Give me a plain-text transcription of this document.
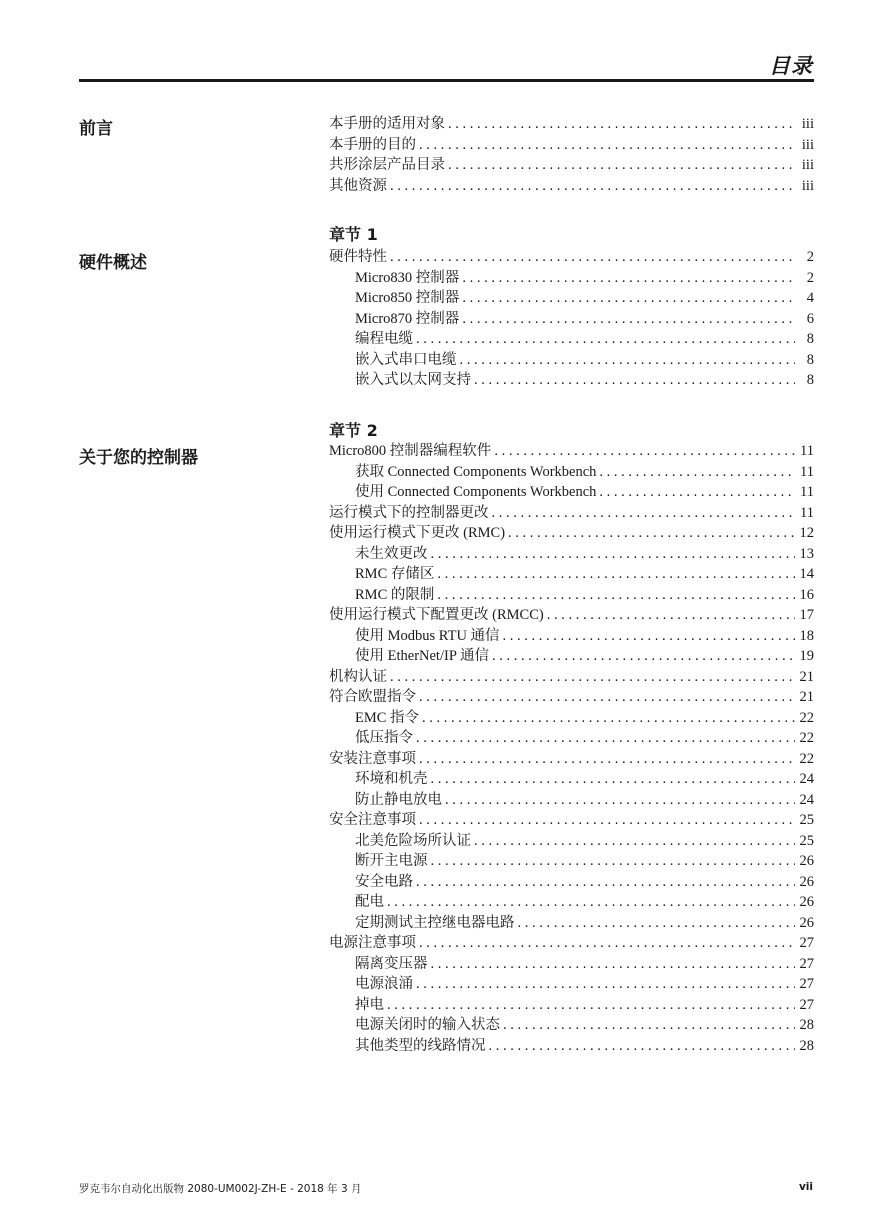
目录
前言	本手册的适用对象 . . .	iii
本手册的目的 . . .	iii
共形涂层产品目录 . . .	iii
其他资源 . . .	iii
章节 1
硬件概述	硬件特性 . . .	2
Micro830 控制器 . . .	2
Micro850 控制器 . . .	4
Micro870 控制器 . . .	6
编程电缆 . . .	8
嵌入式串口电缆 . . .	8
嵌入式以太网支持 . . .	8
章节 2
关于您的控制器	Micro800 控制器编程软件 . . .	11
获取 Connected Components Workbench . . .	11
使用 Connected Components Workbench . . .	11
运行模式下的控制器更改 . . .	11
使用运行模式下更改 (RMC) . . .	12
未生效更改 . . .	13
RMC 存储区 . . .	14
RMC 的限制 . . .	16
使用运行模式下配置更改 (RMCC) . . .	17
使用 Modbus RTU 通信 . . .	18
使用 EtherNet/IP 通信 . . .	19
机构认证 . . .	21
符合欧盟指令 . . .	21
EMC 指令 . . .	22
低压指令 . . .	22
安装注意事项 . . .	22
环境和机壳 . . .	24
防止静电放电 . . .	24
安全注意事项 . . .	25
北美危险场所认证 . . .	25
断开主电源 . . .	26
安全电路 . . .	26
配电 . . .	26
定期测试主控继电器电路 . . .	26
电源注意事项 . . .	27
隔离变压器 . . .	27
电源浪涌 . . .	27
掉电 . . .	27
电源关闭时的输入状态 . . .	28
其他类型的线路情况 . . .	28
罗克韦尔自动化出版物 2080-UM002J-ZH-E - 2018 年 3 月	vii
